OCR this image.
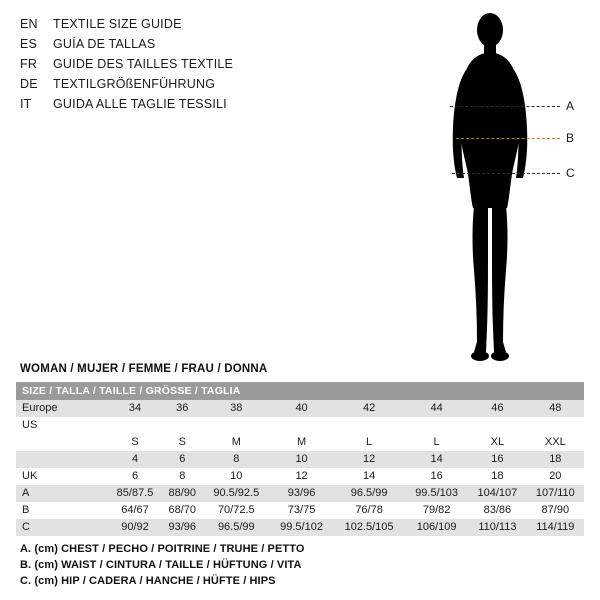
EN	TEXTILE SIZE GUIDE
ES	GUÍA DE TALLAS
FR	GUIDE DES TAILLES TEXTILE
DE	TEXTILGRÖßENFÜHRUNG
IT	GUIDA ALLE TAGLIE TESSILI	A
B
C
WOMAN / MUJER / FEMME / FRAU / DONNA
SIZE / TALLA / TAILLE / GRÖSSE / TAGLIA								
Europe	34	36	38	40	42	44	46	48
US								
	S	S	M	M	L	L	XL	XXL
	4	6	8	10	12	14	16	18
UK	6	8	10	12	14	16	18	20
A	85/87.5	88/90	90.5/92.5	93/96	96.5/99	99.5/103	104/107	107/110
B	64/67	68/70	70/72.5	73/75	76/78	79/82	83/86	87/90
C	90/92	93/96	96.5/99	99.5/102	102.5/105	106/109	110/113	114/119
A. (cm) CHEST / PECHO / POITRINE / TRUHE / PETTO
B. (cm) WAIST / CINTURA / TAILLE / HÜFTUNG / VITA
C. (cm) HIP / CADERA / HANCHE / HÜFTE / HIPS
